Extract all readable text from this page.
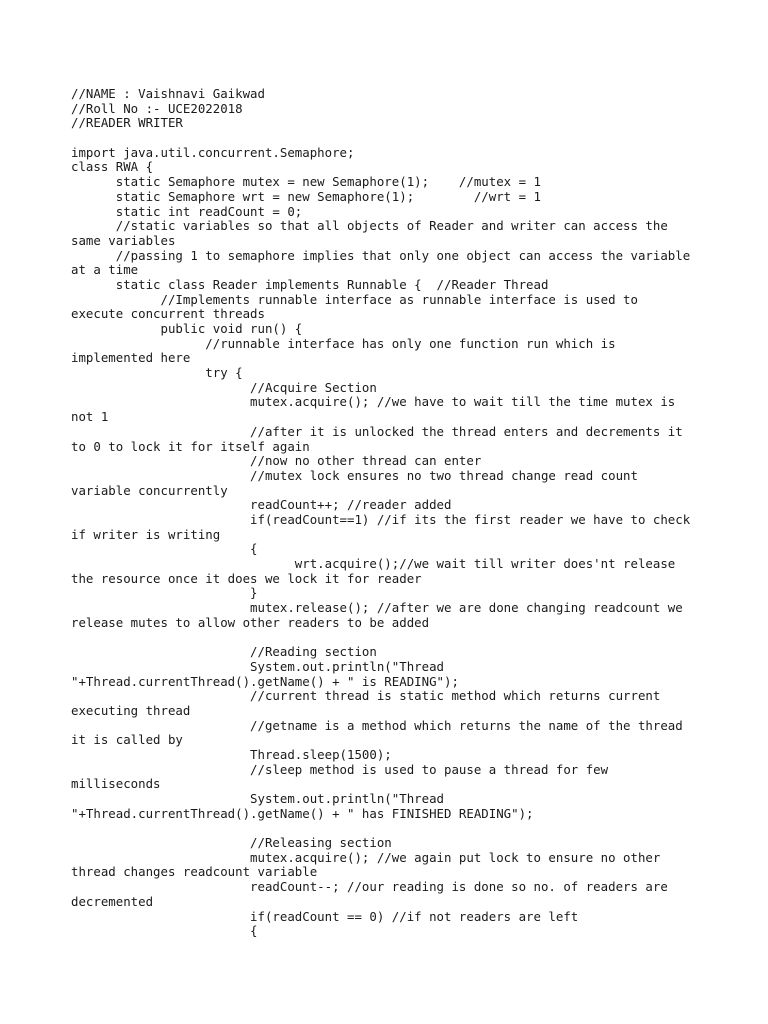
//NAME : Vaishnavi Gaikwad
//Roll No :- UCE2022018
//READER WRITER
import java.util.concurrent.Semaphore;
class RWA {
static Semaphore mutex = new Semaphore(1);    //mutex = 1
static Semaphore wrt = new Semaphore(1);        //wrt = 1
static int readCount = 0;
//static variables so that all objects of Reader and writer can access the
same variables
//passing 1 to semaphore implies that only one object can access the variable
at a time
static class Reader implements Runnable {  //Reader Thread
//Implements runnable interface as runnable interface is used to
execute concurrent threads
public void run() {
//runnable interface has only one function run which is
implemented here
try {
//Acquire Section
mutex.acquire(); //we have to wait till the time mutex is
not 1
//after it is unlocked the thread enters and decrements it
to 0 to lock it for itself again
//now no other thread can enter
//mutex lock ensures no two thread change read count
variable concurrently
readCount++; //reader added
if(readCount==1) //if its the first reader we have to check
if writer is writing
{
wrt.acquire();//we wait till writer does'nt release
the resource once it does we lock it for reader
}
mutex.release(); //after we are done changing readcount we
release mutes to allow other readers to be added
//Reading section
System.out.println("Thread
"+Thread.currentThread().getName() + " is READING");
//current thread is static method which returns current
executing thread
//getname is a method which returns the name of the thread
it is called by
Thread.sleep(1500);
//sleep method is used to pause a thread for few
milliseconds
System.out.println("Thread
"+Thread.currentThread().getName() + " has FINISHED READING");
//Releasing section
mutex.acquire(); //we again put lock to ensure no other
thread changes readcount variable
readCount--; //our reading is done so no. of readers are
decremented
if(readCount == 0) //if not readers are left
{
